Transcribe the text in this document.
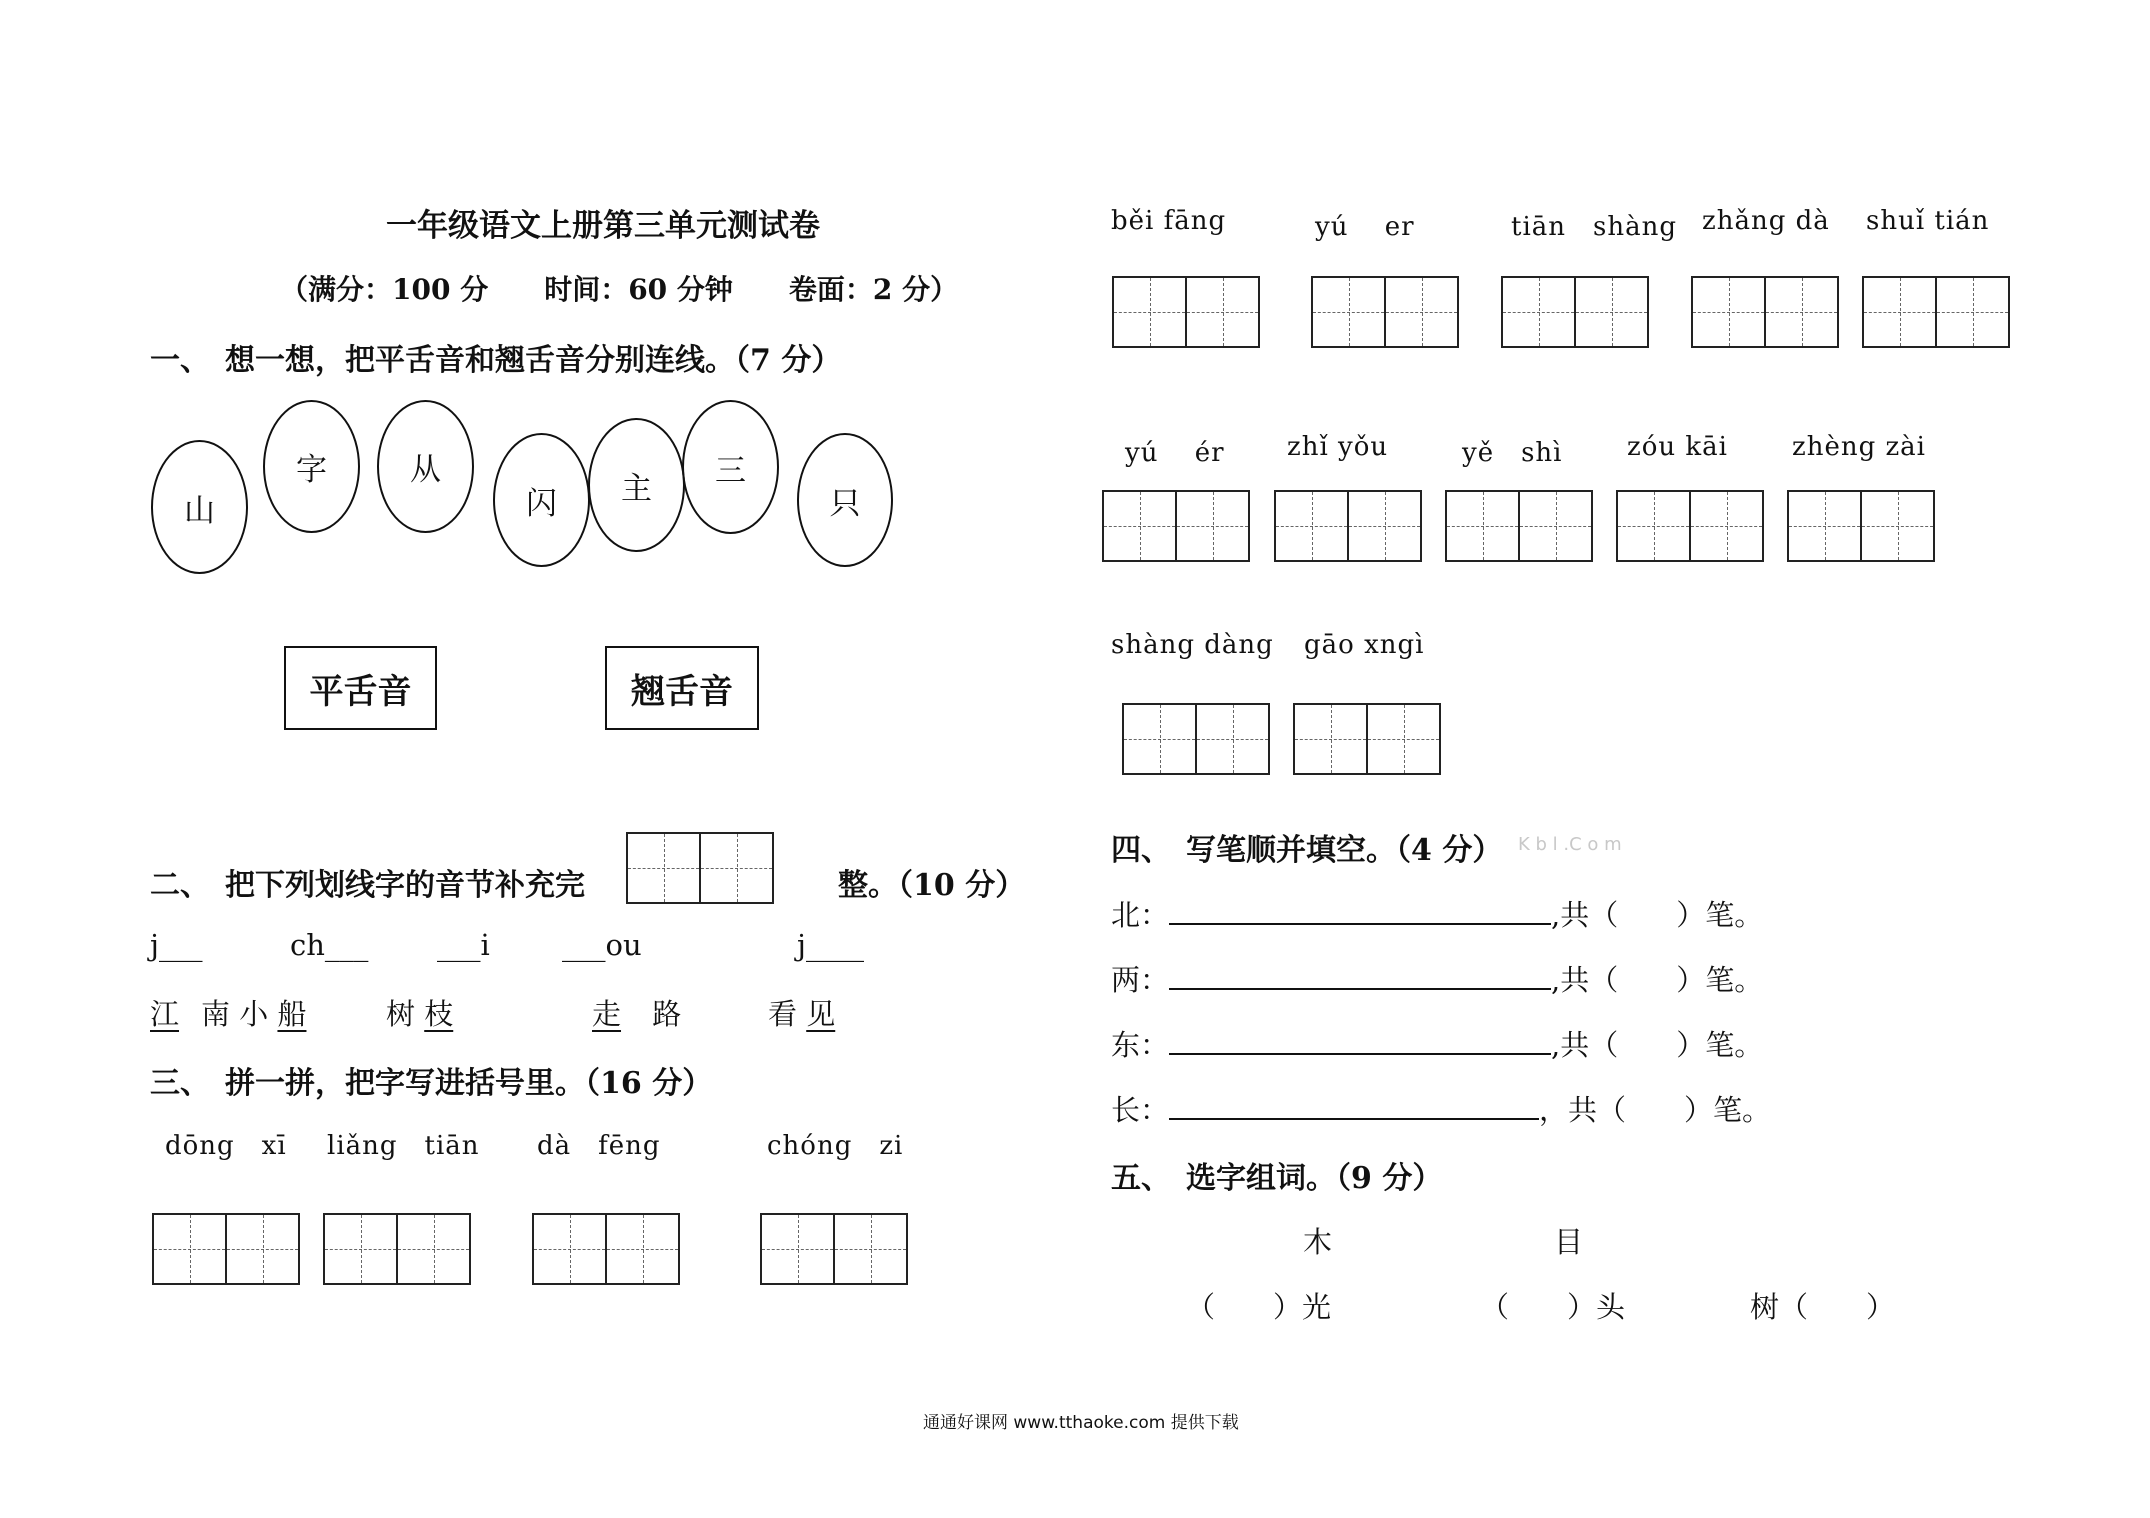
一年级语文上册第三单元测试卷
（满分：100 分　　时间：60 分钟　　卷面：2 分）
一、　想一想，把平舌音和翘舌音分别连线。（7 分）
山
字	从
闪 主 三
只
平舌音	翘舌音
二、　把下列划线字的音节补充完	整。（10 分）
j___	ch___ ___i ___ou	j____
江 南 小 船	树 枝	走 路	看 见
三、　拼一拼，把字写进括号里。（16 分）
dōng　xī liǎng　tiān dà　fēng	chóng　zi
běi fāng	yú　 er	tiān　shàng zhǎng dà shuǐ tián
yú　 ér zhǐ yǒu	yě　shì zóu kāi zhèng zài
shàng dàng gāo xngì
四、　写笔顺并填空。（4 分） K b l .C o m
北：	,共（　　）笔。
两：	,共（　　）笔。
东：	,共（　　）笔。
长：	，共（　　）笔。
五、　选字组词。（9 分）
木	目
（　　）光	（　　）头	树（　　）
通通好课网 www.tthaoke.com 提供下载
